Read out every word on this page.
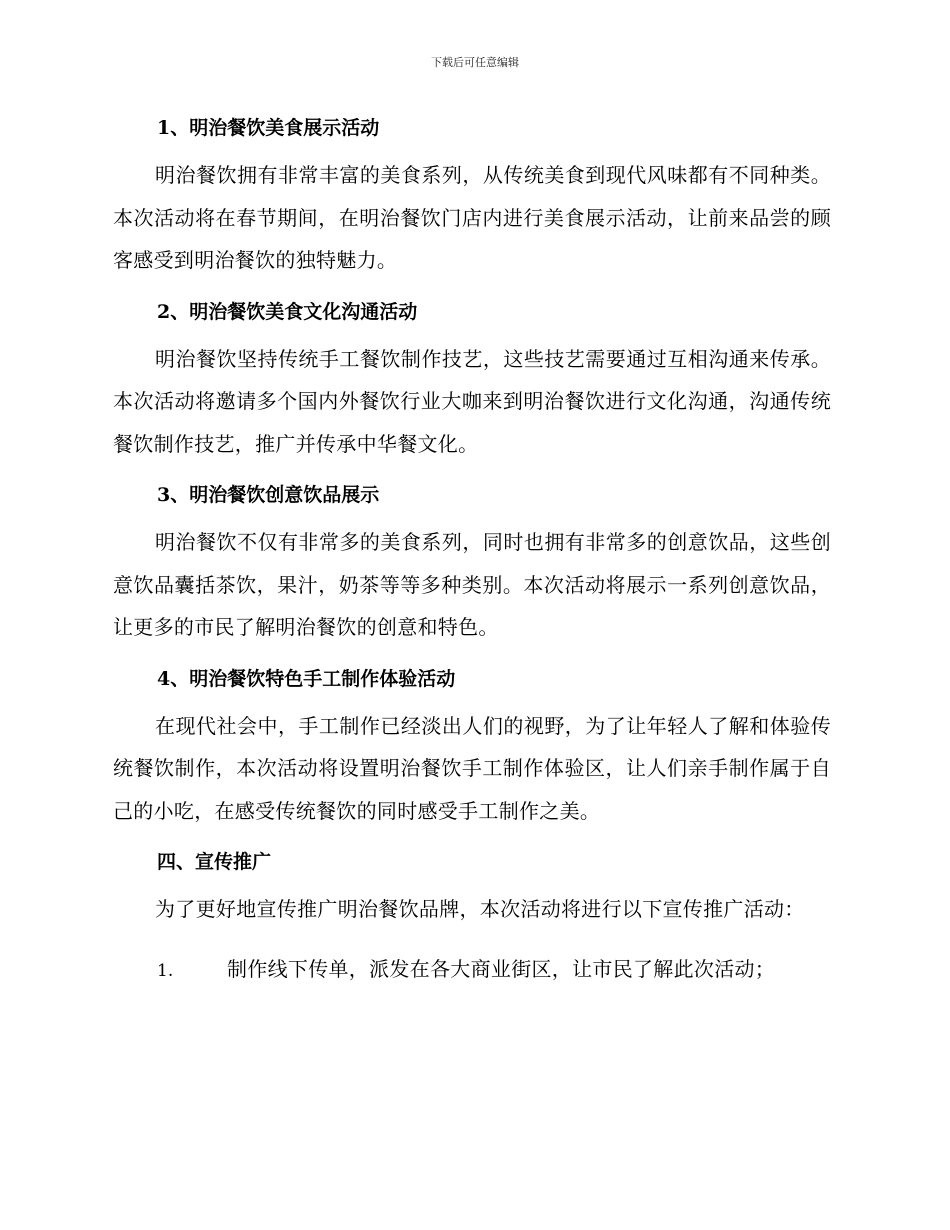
下载后可任意编辑
1、明治餐饮美食展示活动

明治餐饮拥有非常丰富的美食系列，从传统美食到现代风味都有不同种类。本次活动将在春节期间，在明治餐饮门店内进行美食展示活动，让前来品尝的顾客感受到明治餐饮的独特魅力。

2、明治餐饮美食文化沟通活动

明治餐饮坚持传统手工餐饮制作技艺，这些技艺需要通过互相沟通来传承。本次活动将邀请多个国内外餐饮行业大咖来到明治餐饮进行文化沟通，沟通传统餐饮制作技艺，推广并传承中华餐文化。

3、明治餐饮创意饮品展示

明治餐饮不仅有非常多的美食系列，同时也拥有非常多的创意饮品，这些创意饮品囊括茶饮，果汁，奶茶等等多种类别。本次活动将展示一系列创意饮品，让更多的市民了解明治餐饮的创意和特色。

4、明治餐饮特色手工制作体验活动

在现代社会中，手工制作已经淡出人们的视野，为了让年轻人了解和体验传统餐饮制作，本次活动将设置明治餐饮手工制作体验区，让人们亲手制作属于自己的小吃，在感受传统餐饮的同时感受手工制作之美。

四、宣传推广

为了更好地宣传推广明治餐饮品牌，本次活动将进行以下宣传推广活动：

1.	制作线下传单，派发在各大商业街区，让市民了解此次活动；
